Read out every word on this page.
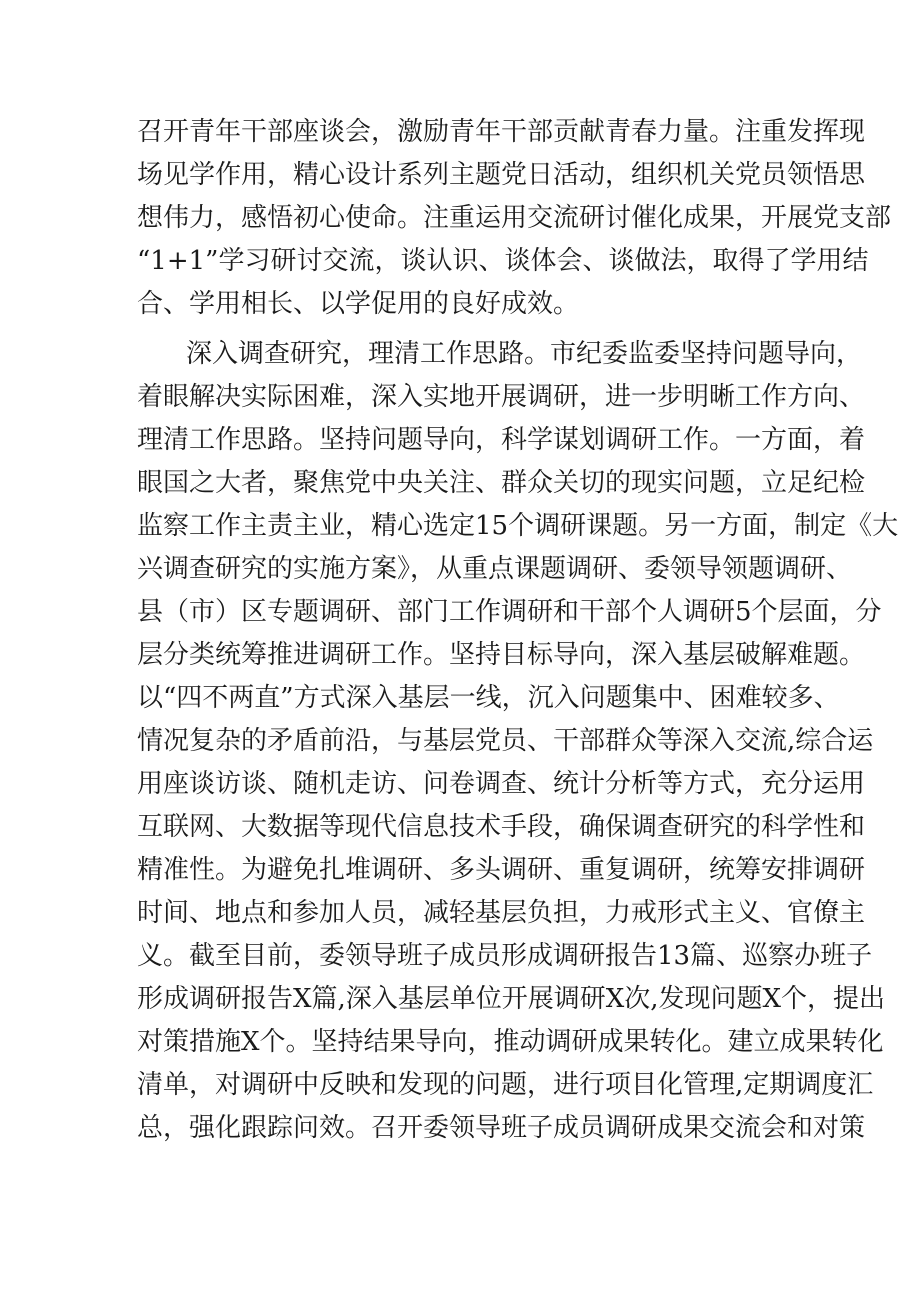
召开青年干部座谈会，激励青年干部贡献青春力量。注重发挥现
场见学作用，精心设计系列主题党日活动，组织机关党员领悟思
想伟力，感悟初心使命。注重运用交流研讨催化成果，开展党支部
“1+1”学习研讨交流，谈认识、谈体会、谈做法，取得了学用结
合、学用相长、以学促用的良好成效。
深入调查研究，理清工作思路。市纪委监委坚持问题导向，
着眼解决实际困难，深入实地开展调研，进一步明晰工作方向、
理清工作思路。坚持问题导向，科学谋划调研工作。一方面，着
眼国之大者，聚焦党中央关注、群众关切的现实问题，立足纪检
监察工作主责主业，精心选定15个调研课题。另一方面，制定《大
兴调查研究的实施方案》，从重点课题调研、委领导领题调研、
县（市）区专题调研、部门工作调研和干部个人调研5个层面，分
层分类统筹推进调研工作。坚持目标导向，深入基层破解难题。
以“四不两直”方式深入基层一线，沉入问题集中、困难较多、
情况复杂的矛盾前沿，与基层党员、干部群众等深入交流,综合运
用座谈访谈、随机走访、问卷调查、统计分析等方式，充分运用
互联网、大数据等现代信息技术手段，确保调查研究的科学性和
精准性。为避免扎堆调研、多头调研、重复调研，统筹安排调研
时间、地点和参加人员，减轻基层负担，力戒形式主义、官僚主
义。截至目前，委领导班子成员形成调研报告13篇、巡察办班子
形成调研报告X篇,深入基层单位开展调研X次,发现问题X个，提出
对策措施X个。坚持结果导向，推动调研成果转化。建立成果转化
清单，对调研中反映和发现的问题，进行项目化管理,定期调度汇
总，强化跟踪问效。召开委领导班子成员调研成果交流会和对策
